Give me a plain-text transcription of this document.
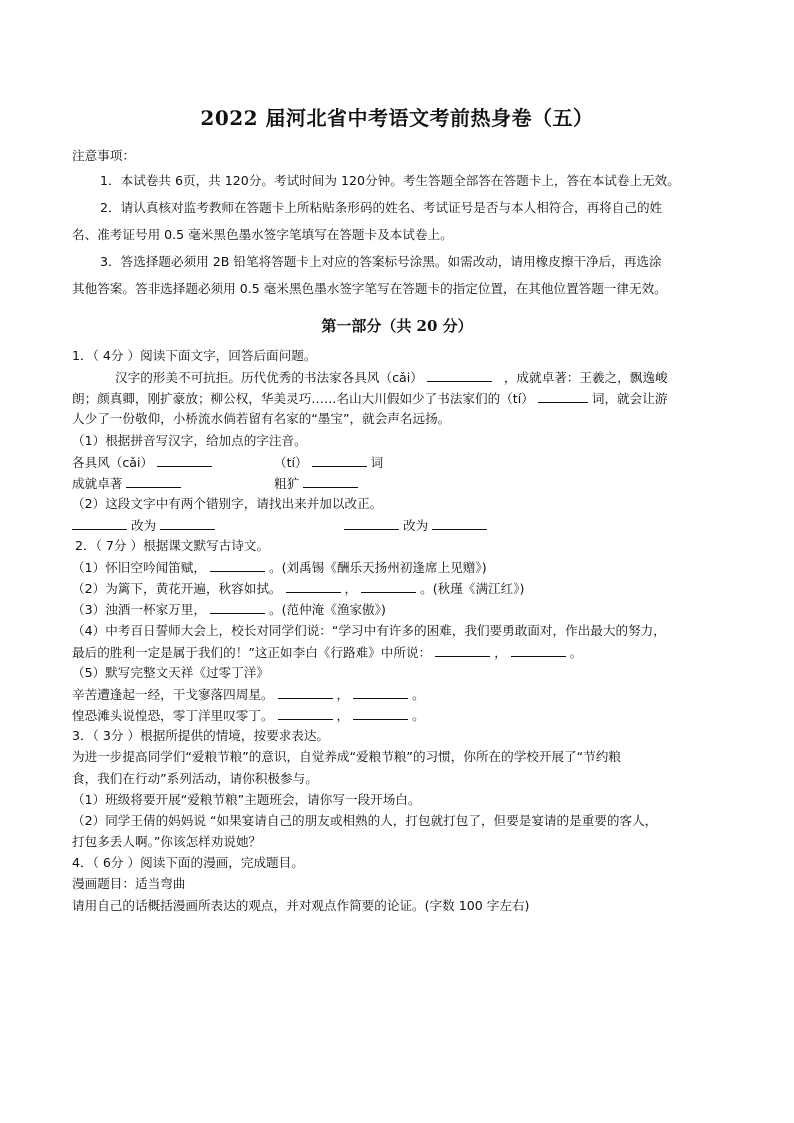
2022 届河北省中考语文考前热身卷（五）
注意事项：
1．本试卷共 6页，共 120分。考试时间为 120分钟。考生答题全部答在答题卡上，答在本试卷上无效。
2．请认真核对监考教师在答题卡上所粘贴条形码的姓名、考试证号是否与本人相符合，再将自己的姓
名、准考证号用 0.5 毫米黑色墨水签字笔填写在答题卡及本试卷上。
3．答选择题必须用 2B 铅笔将答题卡上对应的答案标号涂黑。如需改动，请用橡皮擦干净后，再选涂
其他答案。答非选择题必须用 0.5 毫米黑色墨水签字笔写在答题卡的指定位置，在其他位置答题一律无效。
第一部分（共 20 分）
1．（ 4分 ）阅读下面文字，回答后面问题。
汉字的形美不可抗拒。历代优秀的书法家各具风（cǎi）	，成就卓著：王羲之，飘逸峻
朗；颜真卿，刚扩豪放；柳公权，华美灵巧……名山大川假如少了书法家们的（tí）	词，就会让游
人少了一份敬仰，小桥流水倘若留有名家的“墨宝”，就会声名远扬。
（1）根据拼音写汉字，给加点的字注音。
各具风（cǎi）	（tí）	词
成就卓著	粗犷
（2）这段文字中有两个错别字，请找出来并加以改正。
改为	改为
2．（ 7分 ）根据课文默写古诗文。
（1）怀旧空吟闻笛赋，	。(刘禹锡《酬乐天扬州初逢席上见赠》)
（2）为篱下，黄花开遍，秋容如拭。	，	。(秋瑾《满江红》)
（3）浊酒一杯家万里，	。(范仲淹《渔家傲》)
（4）中考百日誓师大会上，校长对同学们说：“学习中有许多的困难，我们要勇敢面对，作出最大的努力，
最后的胜利一定是属于我们的！”这正如李白《行路难》中所说：	，	。
（5）默写完整文天祥《过零丁洋》
辛苦遭逢起一经，干戈寥落四周星。	，	。
惶恐滩头说惶恐，零丁洋里叹零丁。	，	。
3．（ 3分 ）根据所提供的情境，按要求表达。
为进一步提高同学们“爱粮节粮”的意识，自觉养成“爱粮节粮”的习惯，你所在的学校开展了“节约粮
食，我们在行动”系列活动，请你积极参与。
（1）班级将要开展“爱粮节粮”主题班会，请你写一段开场白。
（2）同学王倩的妈妈说 “如果宴请自己的朋友或相熟的人，打包就打包了，但要是宴请的是重要的客人，
打包多丢人啊。”你该怎样劝说她？
4．（ 6分 ）阅读下面的漫画，完成题目。
漫画题目：适当弯曲
请用自己的话概括漫画所表达的观点，并对观点作简要的论证。(字数 100 字左右)
